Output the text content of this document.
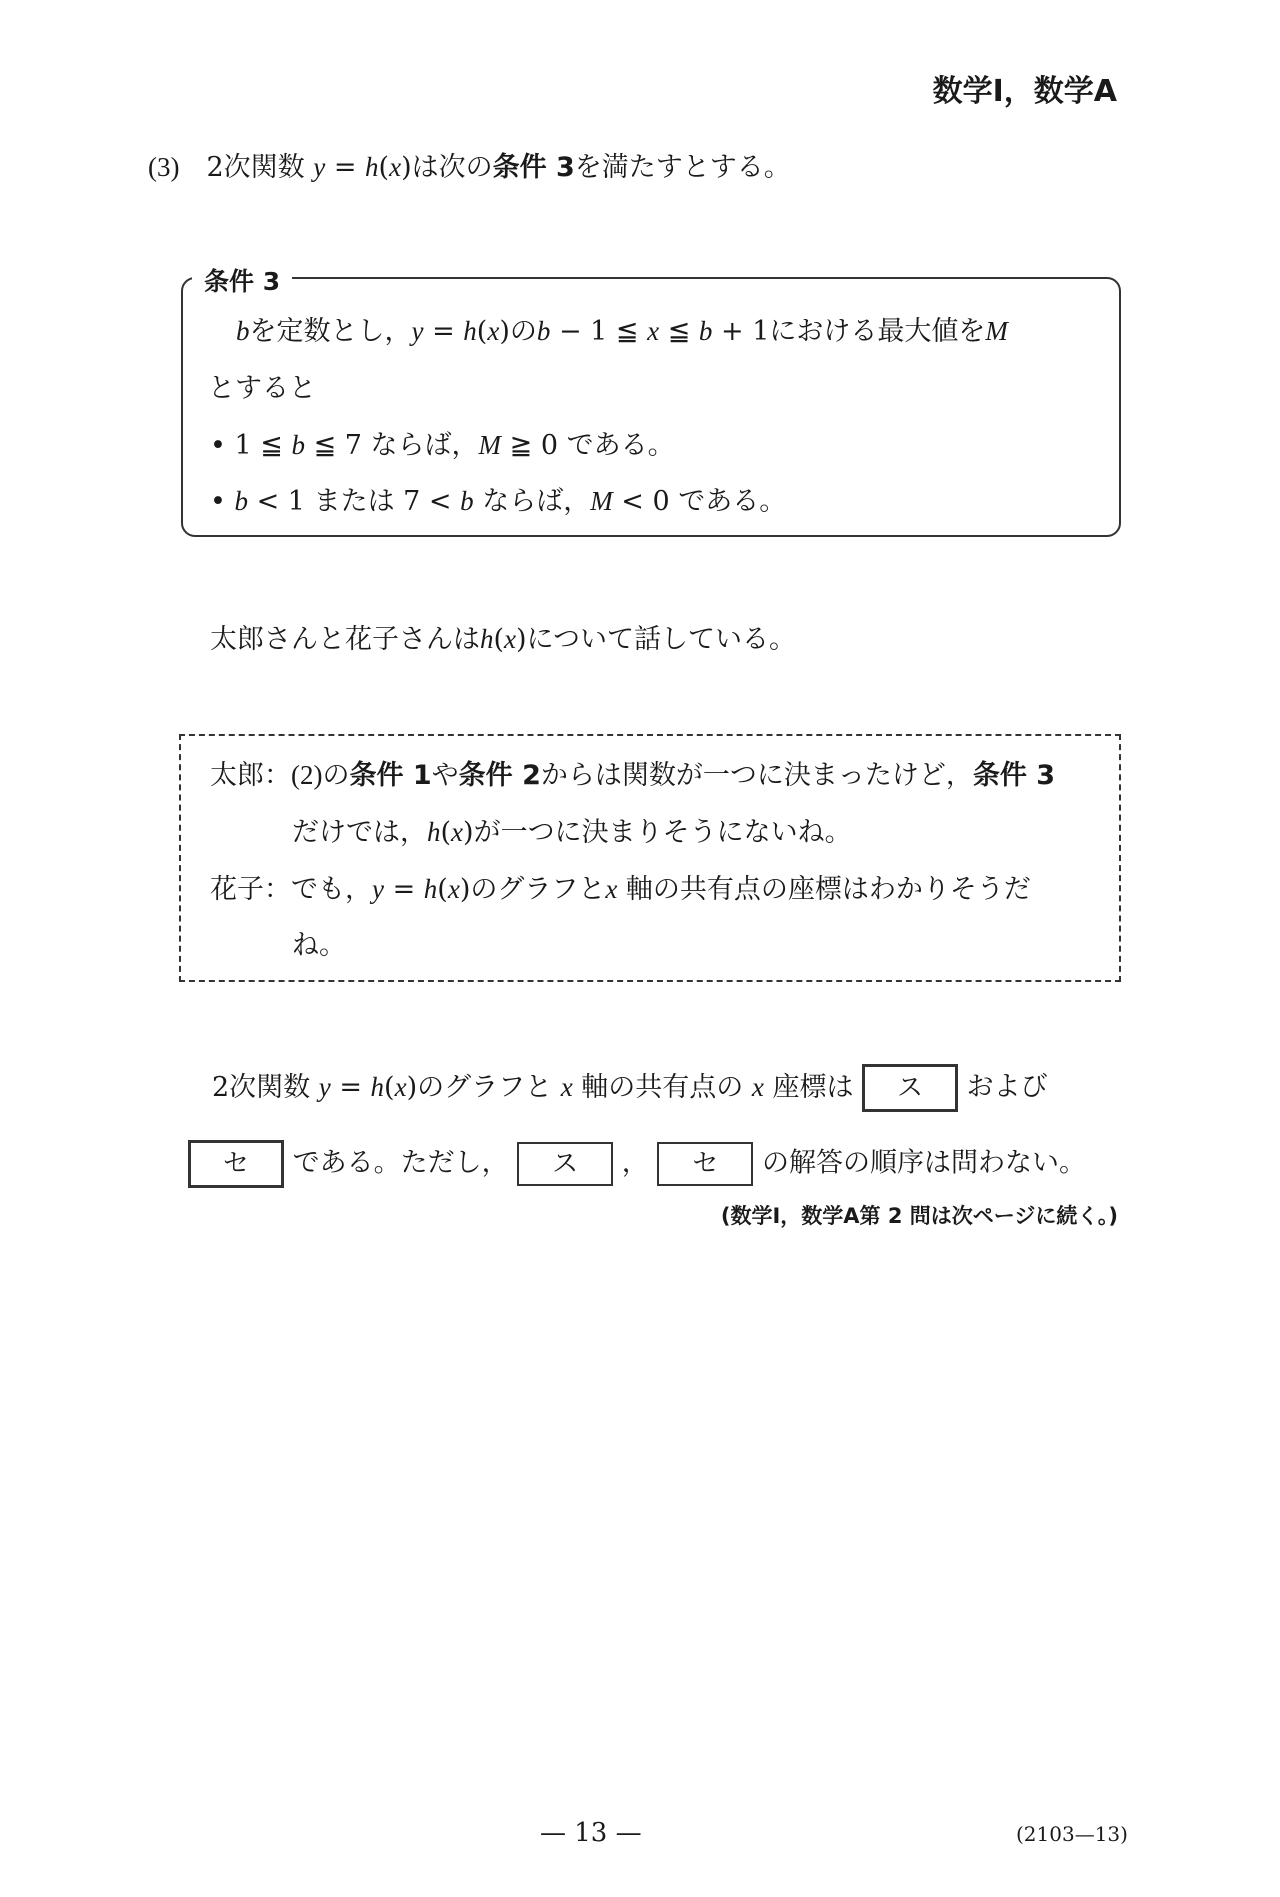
数学Ⅰ，数学A
(3)　2次関数 y = h(x)は次の条件 3を満たすとする。
条件 3
bを定数とし，y = h(x)のb − 1 ≦ x ≦ b + 1における最大値をM
とすると
• 1 ≦ b ≦ 7 ならば，M ≧ 0 である。
• b < 1 または 7 < b ならば，M < 0 である。
太郎さんと花子さんはh(x)について話している。
太郎：(2)の条件 1や条件 2からは関数が一つに決まったけど，条件 3
だけでは，h(x)が一つに決まりそうにないね。
花子：でも，y = h(x)のグラフとx 軸の共有点の座標はわかりそうだ
ね。
2次関数 y = h(x)のグラフと x 軸の共有点の x 座標は ス および
セ である。ただし， ス ， セ の解答の順序は問わない。
(数学Ⅰ，数学A第 2 問は次ページに続く。)
— 13 —	(2103—13)
